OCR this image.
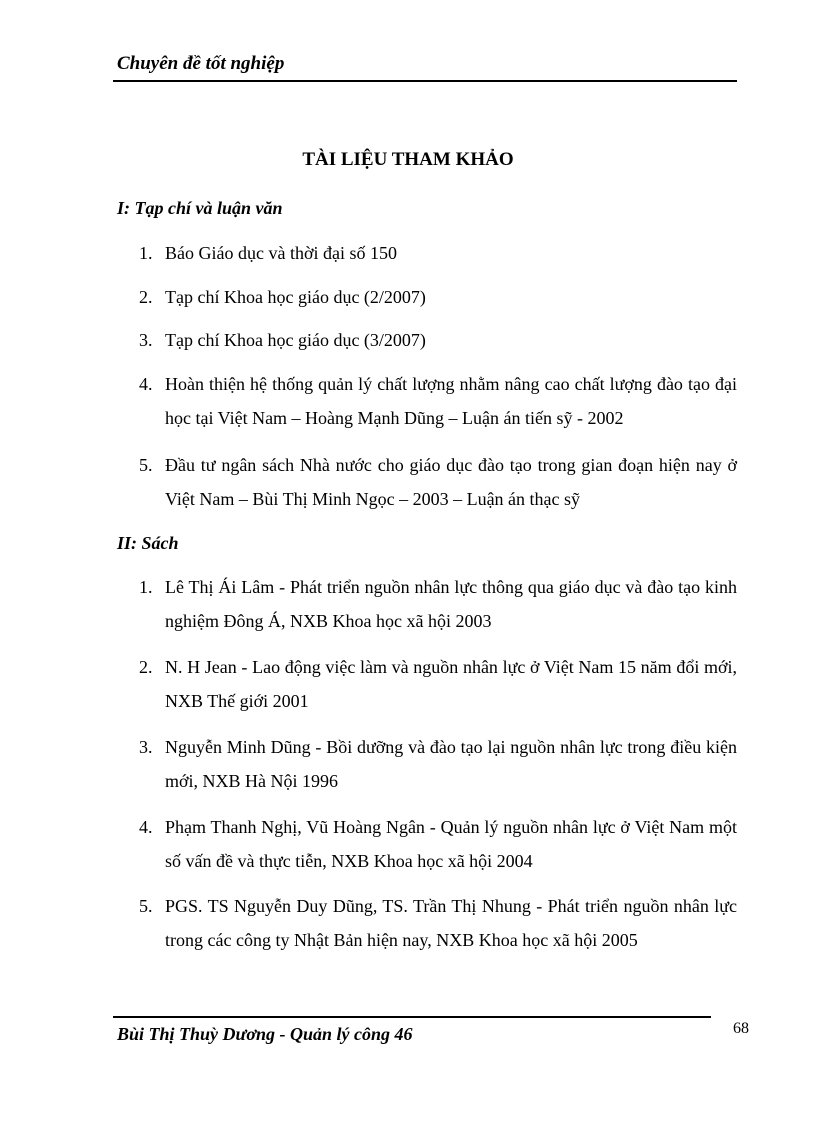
Chuyên đề tốt nghiệp
TÀI LIỆU THAM KHẢO
I: Tạp chí và luận văn
1. Báo Giáo dục và thời đại số 150
2. Tạp chí Khoa học giáo dục (2/2007)
3. Tạp chí Khoa học giáo dục (3/2007)
4. Hoàn thiện hệ thống quản lý chất lượng nhằm nâng cao chất lượng đào tạo đại học tại Việt Nam – Hoàng Mạnh Dũng – Luận án tiến sỹ - 2002
5. Đầu tư ngân sách Nhà nước cho giáo dục đào tạo trong gian đoạn hiện nay ở Việt Nam – Bùi Thị Minh Ngọc – 2003 – Luận án thạc sỹ
II: Sách
1. Lê Thị Ái Lâm - Phát triển nguồn nhân lực thông qua giáo dục và đào tạo kinh nghiệm Đông Á, NXB Khoa học xã hội 2003
2. N. H Jean - Lao động việc làm và nguồn nhân lực ở Việt Nam 15 năm đổi mới, NXB Thế giới 2001
3. Nguyễn Minh Dũng - Bồi dưỡng và đào tạo lại nguồn nhân lực trong điều kiện mới, NXB Hà Nội 1996
4. Phạm Thanh Nghị, Vũ Hoàng Ngân - Quản lý nguồn nhân lực ở Việt Nam một số vấn đề và thực tiễn, NXB Khoa học xã hội 2004
5. PGS. TS Nguyễn Duy Dũng, TS. Trần Thị Nhung - Phát triển nguồn nhân lực trong các công ty Nhật Bản hiện nay, NXB Khoa học xã hội 2005
Bùi Thị Thuỳ Dương - Quản lý công 46	68
